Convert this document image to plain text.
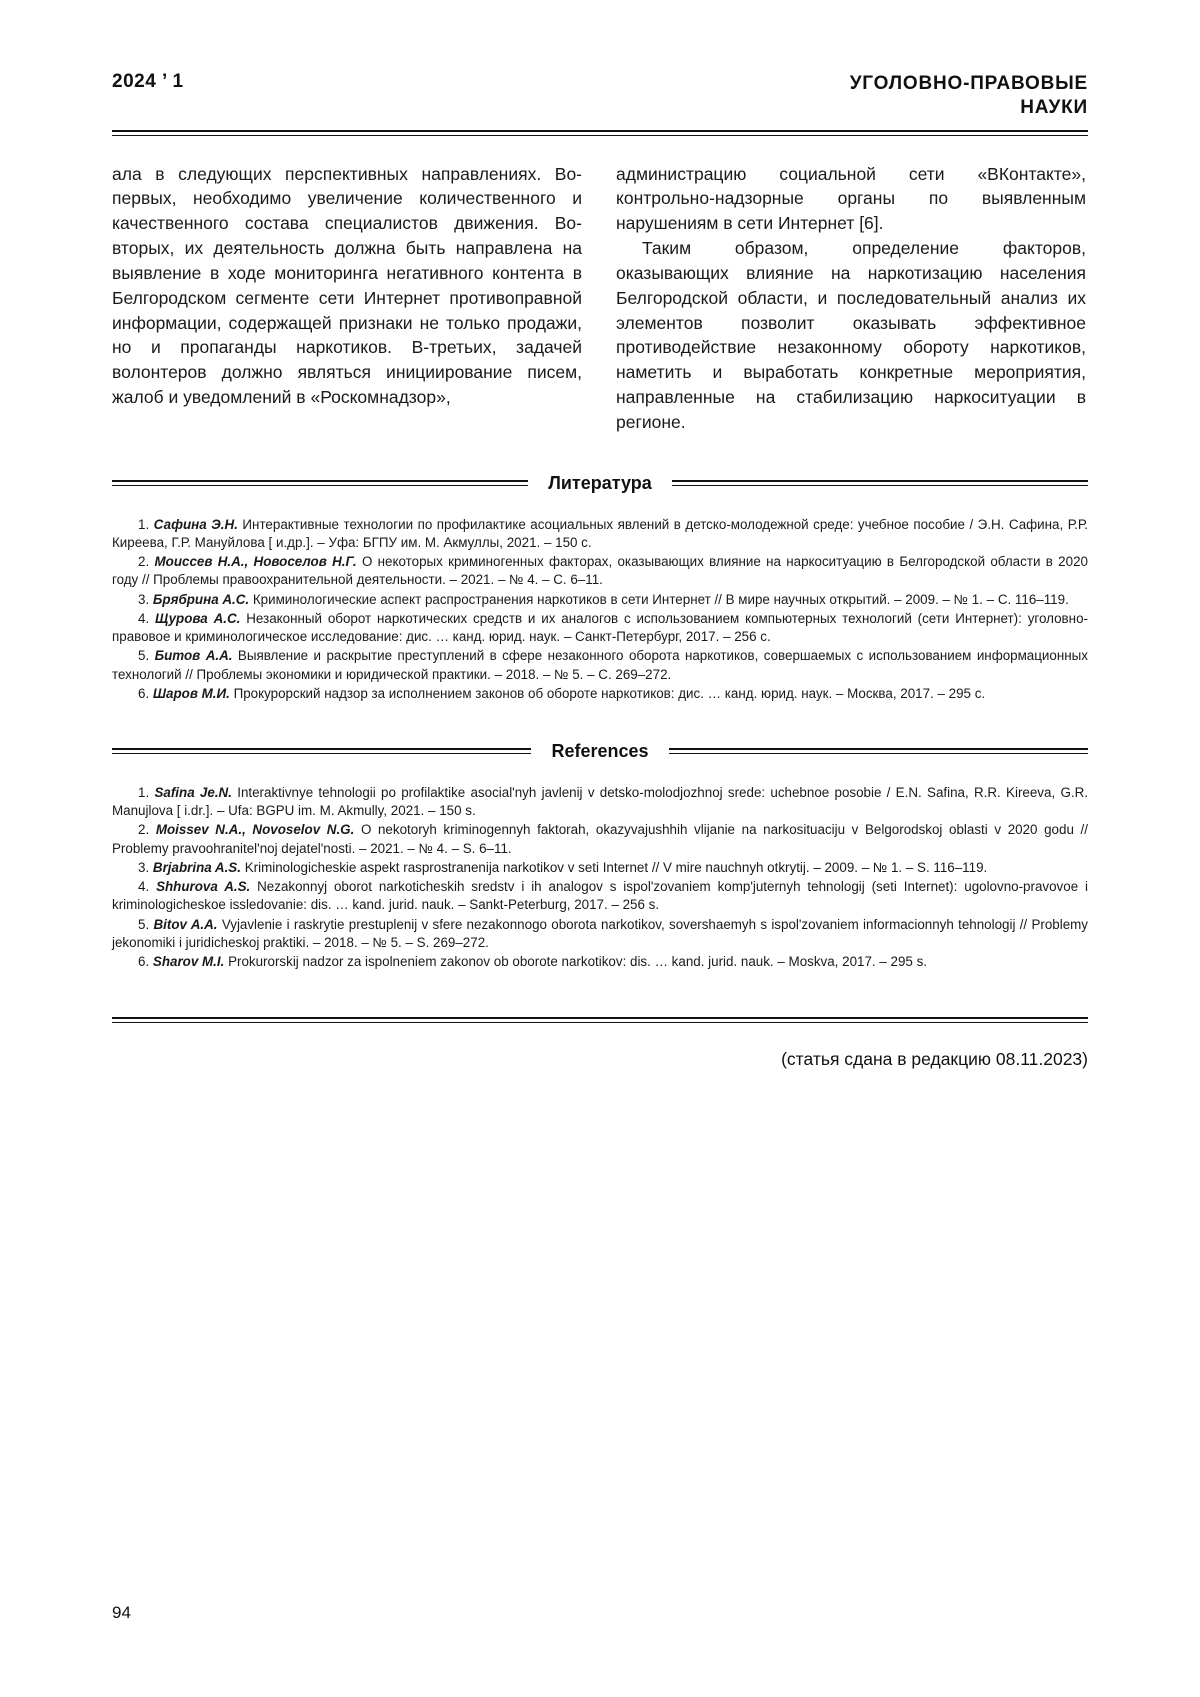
2024 ’ 1	УГОЛОВНО-ПРАВОВЫЕ
НАУКИ

ала в следующих перспективных направлениях. Во-первых, необходимо увеличение количественного и качественного состава специалистов движения. Во-вторых, их деятельность должна быть направлена на выявление в ходе мониторинга негативного контента в Белгородском сегменте сети Интернет противоправной информации, содержащей признаки не только продажи, но и пропаганды наркотиков. В-третьих, задачей волонтеров должно являться инициирование писем, жалоб и уведомлений в «Роскомнадзор»,

администрацию социальной сети «ВКонтакте», контрольно-надзорные органы по выявленным нарушениям в сети Интернет [6].

Таким образом, определение факторов, оказывающих влияние на наркотизацию населения Белгородской области, и последовательный анализ их элементов позволит оказывать эффективное противодействие незаконному обороту наркотиков, наметить и выработать конкретные мероприятия, направленные на стабилизацию наркоситуации в регионе.

Литература

1. Сафина Э.Н. Интерактивные технологии по профилактике асоциальных явлений в детско-молодежной среде: учебное пособие / Э.Н. Сафина, Р.Р. Киреева, Г.Р. Мануйлова [ и.др.]. – Уфа: БГПУ им. М. Акмуллы, 2021. – 150 с.

2. Моиссев Н.А., Новоселов Н.Г. О некоторых криминогенных факторах, оказывающих влияние на наркоситуацию в Белгородской области в 2020 году // Проблемы правоохранительной деятельности. – 2021. – № 4. – С. 6–11.

3. Брябрина А.С. Криминологические аспект распространения наркотиков в сети Интернет // В мире научных открытий. – 2009. – № 1. – С. 116–119.

4. Щурова А.С. Незаконный оборот наркотических средств и их аналогов с использованием компьютерных технологий (сети Интернет): уголовно-правовое и криминологическое исследование: дис. … канд. юрид. наук. – Санкт-Петербург, 2017. – 256 с.

5. Битов А.А. Выявление и раскрытие преступлений в сфере незаконного оборота наркотиков, совершаемых с использованием информационных технологий // Проблемы экономики и юридической практики. – 2018. – № 5. – С. 269–272.

6. Шаров М.И. Прокурорский надзор за исполнением законов об обороте наркотиков: дис. … канд. юрид. наук. – Москва, 2017. – 295 с.

References

1. Safina Je.N. Interaktivnye tehnologii po profilaktike asocial'nyh javlenij v detsko-molodjozhnoj srede: uchebnoe posobie / E.N. Safina, R.R. Kireeva, G.R. Manujlova [ i.dr.]. – Ufa: BGPU im. M. Akmully, 2021. – 150 s.

2. Moissev N.A., Novoselov N.G. O nekotoryh kriminogennyh faktorah, okazyvajushhih vlijanie na narkosituaciju v Belgorodskoj oblasti v 2020 godu // Problemy pravoohranitel'noj dejatel'nosti. – 2021. – № 4. – S. 6–11.

3. Brjabrina A.S. Kriminologicheskie aspekt rasprostranenija narkotikov v seti Internet // V mire nauchnyh otkrytij. – 2009. – № 1. – S. 116–119.

4. Shhurova A.S. Nezakonnyj oborot narkoticheskih sredstv i ih analogov s ispol'zovaniem komp'juternyh tehnologij (seti Internet): ugolovno-pravovoe i kriminologicheskoe issledovanie: dis. … kand. jurid. nauk. – Sankt-Peterburg, 2017. – 256 s.

5. Bitov A.A. Vyjavlenie i raskrytie prestuplenij v sfere nezakonnogo oborota narkotikov, sovershaemyh s ispol'zovaniem informacionnyh tehnologij // Problemy jekonomiki i juridicheskoj praktiki. – 2018. – № 5. – S. 269–272.

6. Sharov M.I. Prokurorskij nadzor za ispolneniem zakonov ob oborote narkotikov: dis. … kand. jurid. nauk. – Moskva, 2017. – 295 s.

(статья сдана в редакцию 08.11.2023)
94
